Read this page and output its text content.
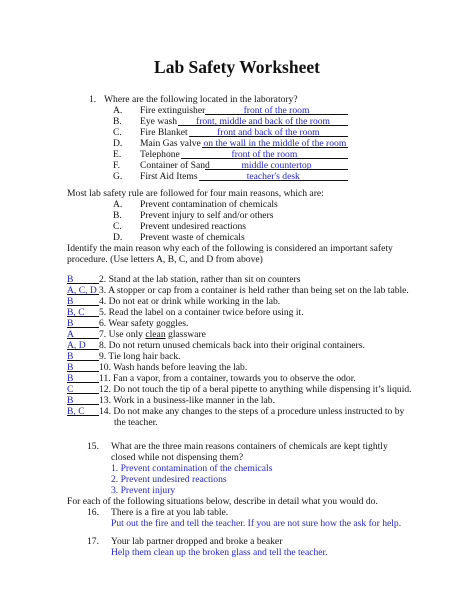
Lab Safety Worksheet
1. Where are the following located in the laboratory?
A. Fire extinguisher	front of the room
B. Eye wash front, middle and back of the room
C. Fire Blanket	front and back of the room
D. Main Gas valve on the wall in the middle of the room
E. Telephone	front of the room
F. Container of Sand	middle countertop
G. First Aid Items	teacher's desk
Most lab safety rule are followed for four main reasons, which are:
A. Prevent contamination of chemicals
B. Prevent injury to self and/or others
C. Prevent undesired reactions
D. Prevent waste of chemicals
Identify the main reason why each of the following is considered an important safety
procedure. (Use letters A, B, C, and D from above)
B	2. Stand at the lab station, rather than sit on counters
A, C, D 3. A stopper or cap from a container is held rather than being set on the lab table.
B	4. Do not eat or drink while working in the lab.
B, C 5. Read the label on a container twice before using it.
B	6. Wear safety goggles.
A	7. Use only clean glassware
A, D 8. Do not return unused chemicals back into their original containers.
B	9. Tie long hair back.
B	10. Wash hands before leaving the lab.
B	11. Fan a vapor, from a container, towards you to observe the odor.
C	12. Do not touch the tip of a beral pipette to anything while dispensing it’s liquid.
B	13. Work in a business-like manner in the lab.
B, C 14. Do not make any changes to the steps of a procedure unless instructed to by
the teacher.
15. What are the three main reasons containers of chemicals are kept tightly
closed while not dispensing them?
1. Prevent contamination of the chemicals
2. Prevent undesired reactions
3. Prevent injury
For each of the following situations below, describe in detail what you would do.
16. There is a fire at you lab table.
Put out the fire and tell the teacher. If you are not sure how the ask for help.
17. Your lab partner dropped and broke a beaker
Help them clean up the broken glass and tell the teacher.
